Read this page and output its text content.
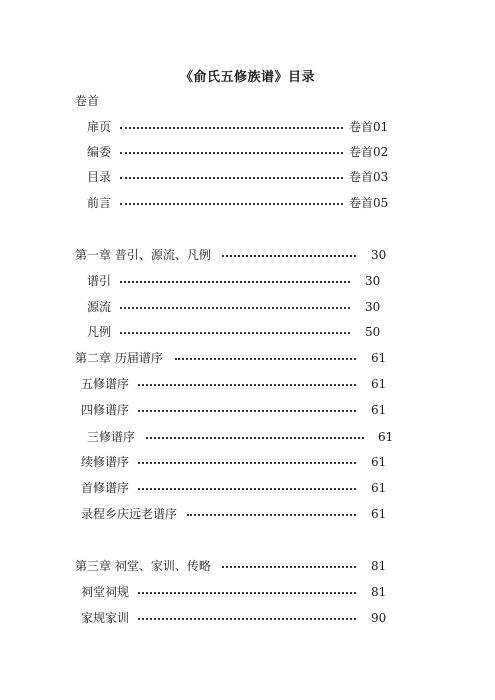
《俞氏五修族谱》目录
卷首
扉页	卷首01
编委	卷首02
目录	卷首03
前言	卷首05
第一章 普引、源流、凡例	30
谱引	30
源流	30
凡例	50
第二章 历届谱序	61
五修谱序	61
四修谱序	61
三修谱序	61
续修谱序	61
首修谱序	61
录程乡庆远老谱序	61
第三章 祠堂、家训、传略	81
祠堂祠规	81
家规家训	90
